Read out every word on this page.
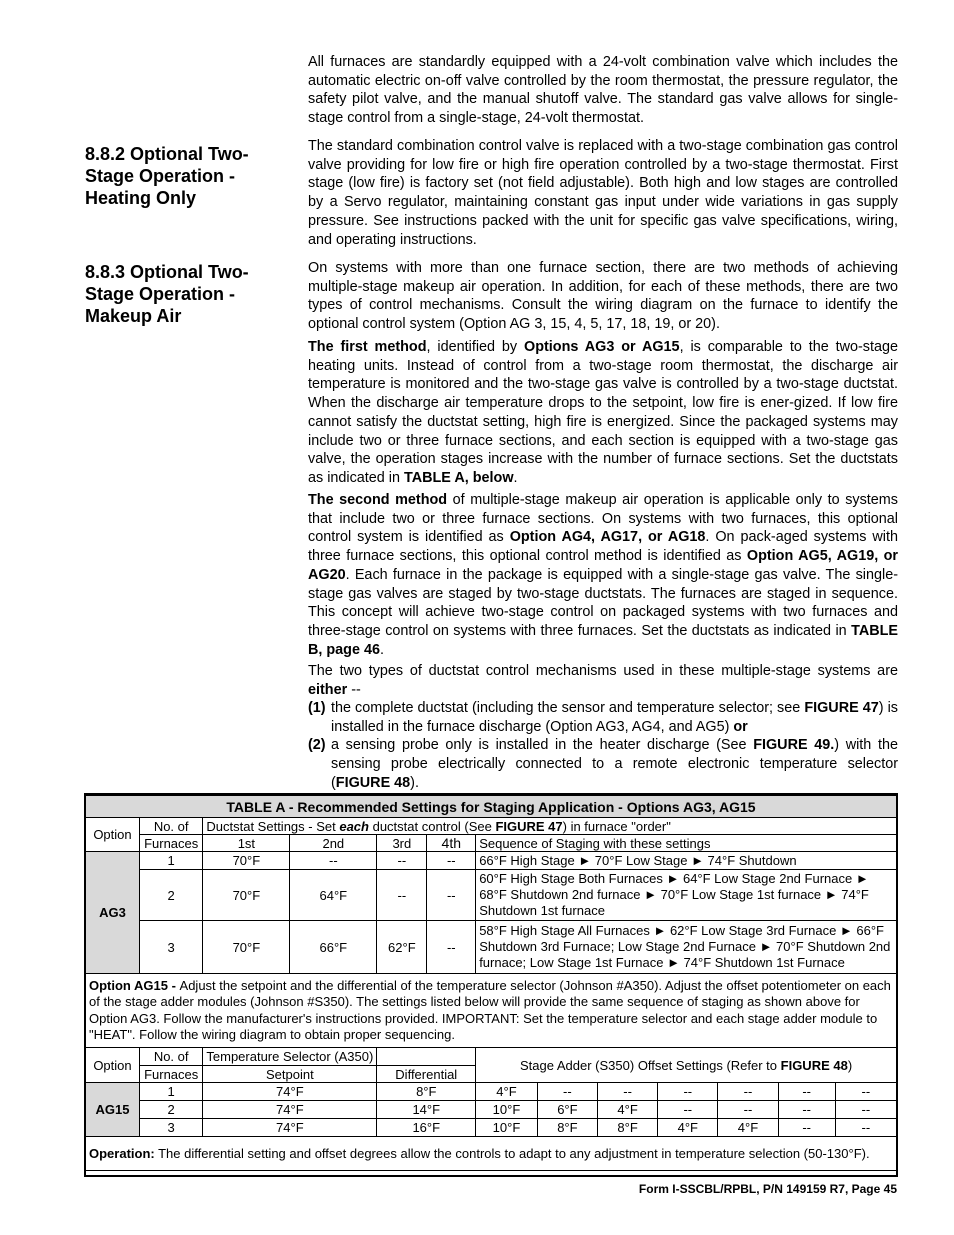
All furnaces are standardly equipped with a 24-volt combination valve which includes the automatic electric on-off valve controlled by the room thermostat, the pressure regulator, the safety pilot valve, and the manual shutoff valve. The standard gas valve allows for single-stage control from a single-stage, 24-volt thermostat.

8.8.2 Optional Two-Stage Operation - Heating Only

The standard combination control valve is replaced with a two-stage combination gas control valve providing for low fire or high fire operation controlled by a two-stage thermostat. First stage (low fire) is factory set (not field adjustable). Both high and low stages are controlled by a Servo regulator, maintaining constant gas input under wide variations in gas supply pressure. See instructions packed with the unit for specific gas valve specifications, wiring, and operating instructions.

8.8.3 Optional Two-Stage Operation - Makeup Air

On systems with more than one furnace section, there are two methods of achieving multiple-stage makeup air operation. In addition, for each of these methods, there are two types of control mechanisms. Consult the wiring diagram on the furnace to identify the optional control system (Option AG 3, 15, 4, 5, 17, 18, 19, or 20).

The first method, identified by Options AG3 or AG15, is comparable to the two-stage heating units. Instead of control from a two-stage room thermostat, the discharge air temperature is monitored and the two-stage gas valve is controlled by a two-stage ductstat. When the discharge air temperature drops to the setpoint, low fire is ener-gized. If low fire cannot satisfy the ductstat setting, high fire is energized. Since the packaged systems may include two or three furnace sections, and each section is equipped with a two-stage gas valve, the operation stages increase with the number of furnace sections. Set the ductstats as indicated in TABLE A, below.

The second method of multiple-stage makeup air operation is applicable only to systems that include two or three furnace sections. On systems with two furnaces, this optional control system is identified as Option AG4, AG17, or AG18. On pack-aged systems with three furnace sections, this optional control method is identified as Option AG5, AG19, or AG20. Each furnace in the package is equipped with a single-stage gas valve. The single-stage gas valves are staged by two-stage ductstats. The furnaces are staged in sequence. This concept will achieve two-stage control on packaged systems with two furnaces and three-stage control on systems with three furnaces. Set the ductstats as indicated in TABLE B, page 46.

The two types of ductstat control mechanisms used in these multiple-stage systems are either --

(1) the complete ductstat (including the sensor and temperature selector; see FIGURE 47) is installed in the furnace discharge (Option AG3, AG4, and AG5) or
(2) a sensing probe only is installed in the heater discharge (See FIGURE 49.) with the sensing probe electrically connected to a remote electronic temperature selector (FIGURE 48).
TABLE A - Recommended Settings for Staging Application - Options AG3, AG15												
Option	No. of	Ductstat Settings - Set each ductstat control (See FIGURE 47) in furnace "order"										
	Furnaces	1st	2nd	3rd	4th	Sequence of Staging with these settings						
AG3	1	70°F	--	--	--	66°F High Stage ► 70°F Low Stage ► 74°F Shutdown						
	2	70°F	64°F	--	--	60°F High Stage Both Furnaces ► 64°F Low Stage 2nd Furnace ► 68°F Shutdown 2nd furnace ► 70°F Low Stage 1st furnace ► 74°F Shutdown 1st furnace						
	3	70°F	66°F	62°F	--	58°F High Stage All Furnaces ► 62°F Low Stage 3rd Furnace ► 66°F Shutdown 3rd Furnace; Low Stage 2nd Furnace ► 70°F Shutdown 2nd furnace; Low Stage 1st Furnace ► 74°F Shutdown 1st Furnace						
Option AG15 - Adjust the setpoint and the differential of the temperature selector (Johnson #A350). Adjust the offset potentiometer on each of the stage adder modules (Johnson #S350). The settings listed below will provide the same sequence of staging as shown above for Option AG3. Follow the manufacturer's instructions provided. IMPORTANT: Set the temperature selector and each stage adder module to "HEAT". Follow the wiring diagram to obtain proper sequencing.												
Option	No. of	Temperature Selector (A350)				Stage Adder (S350) Offset Settings (Refer to FIGURE 48)						
	Furnaces	Setpoint		Differential								
AG15	1	74°F		8°F		4°F	--	--	--	--	--	--
	2	74°F		14°F		10°F	6°F	4°F	--	--	--	--
	3	74°F		16°F		10°F	8°F	8°F	4°F	4°F	--	--
Operation: The differential setting and offset degrees allow the controls to adapt to any adjustment in temperature selection (50-130°F).												
Form I-SSCBL/RPBL, P/N 149159 R7, Page 45
